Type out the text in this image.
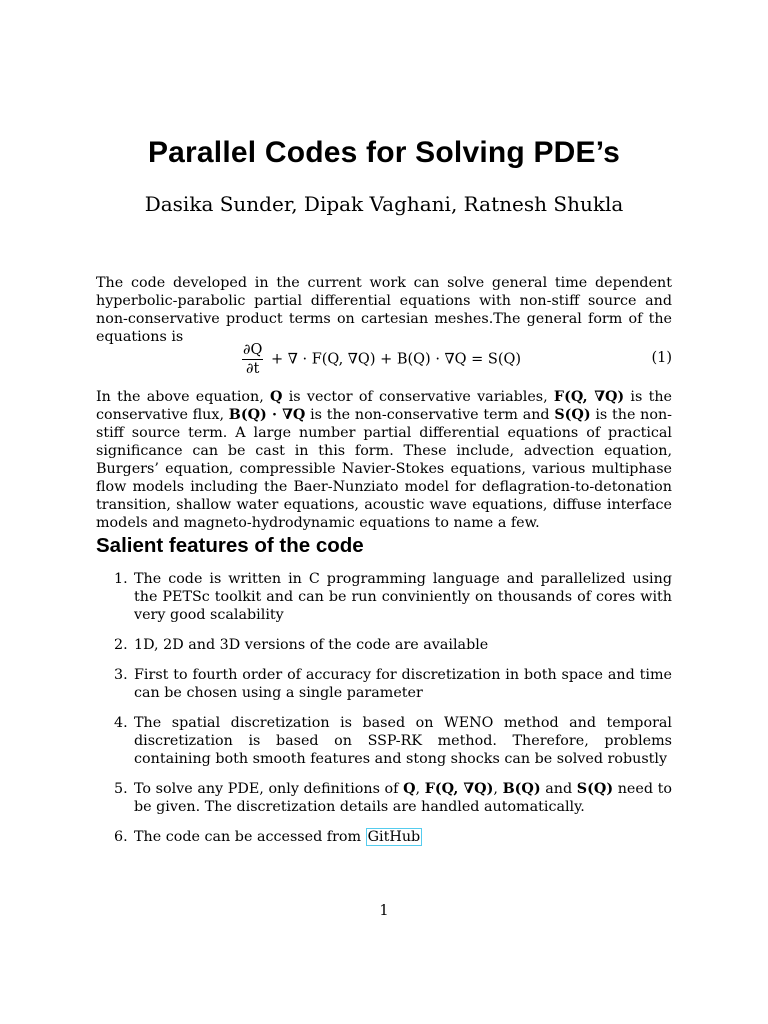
Parallel Codes for Solving PDE’s
Dasika Sunder, Dipak Vaghani, Ratnesh Shukla

The code developed in the current work can solve general time dependent hyperbolic-parabolic partial differential equations with non-stiff source and non-conservative product terms on cartesian meshes.The general form of the equations is

$\frac{\partial Q}{\partial t}$ + ∇ · F(Q, ∇Q) + B(Q) · ∇Q = S(Q)	(1)

In the above equation, Q is vector of conservative variables, F(Q, ∇Q) is the conservative flux, B(Q) · ∇Q is the non-conservative term and S(Q) is the non-stiff source term. A large number partial differential equations of practical significance can be cast in this form. These include, advection equation, Burgers’ equation, compressible Navier-Stokes equations, various multiphase flow models including the Baer-Nunziato model for deflagration-to-detonation transition, shallow water equations, acoustic wave equations, diffuse interface models and magneto-hydrodynamic equations to name a few.

Salient features of the code
1. The code is written in C programming language and parallelized using the PETSc toolkit and can be run conviniently on thousands of cores with very good scalability
2. 1D, 2D and 3D versions of the code are available
3. First to fourth order of accuracy for discretization in both space and time can be chosen using a single parameter
4. The spatial discretization is based on WENO method and temporal discretization is based on SSP-RK method. Therefore, problems containing both smooth features and stong shocks can be solved robustly
5. To solve any PDE, only definitions of Q, F(Q, ∇Q), B(Q) and S(Q) need to be given. The discretization details are handled automatically.
6. The code can be accessed from GitHub
1
